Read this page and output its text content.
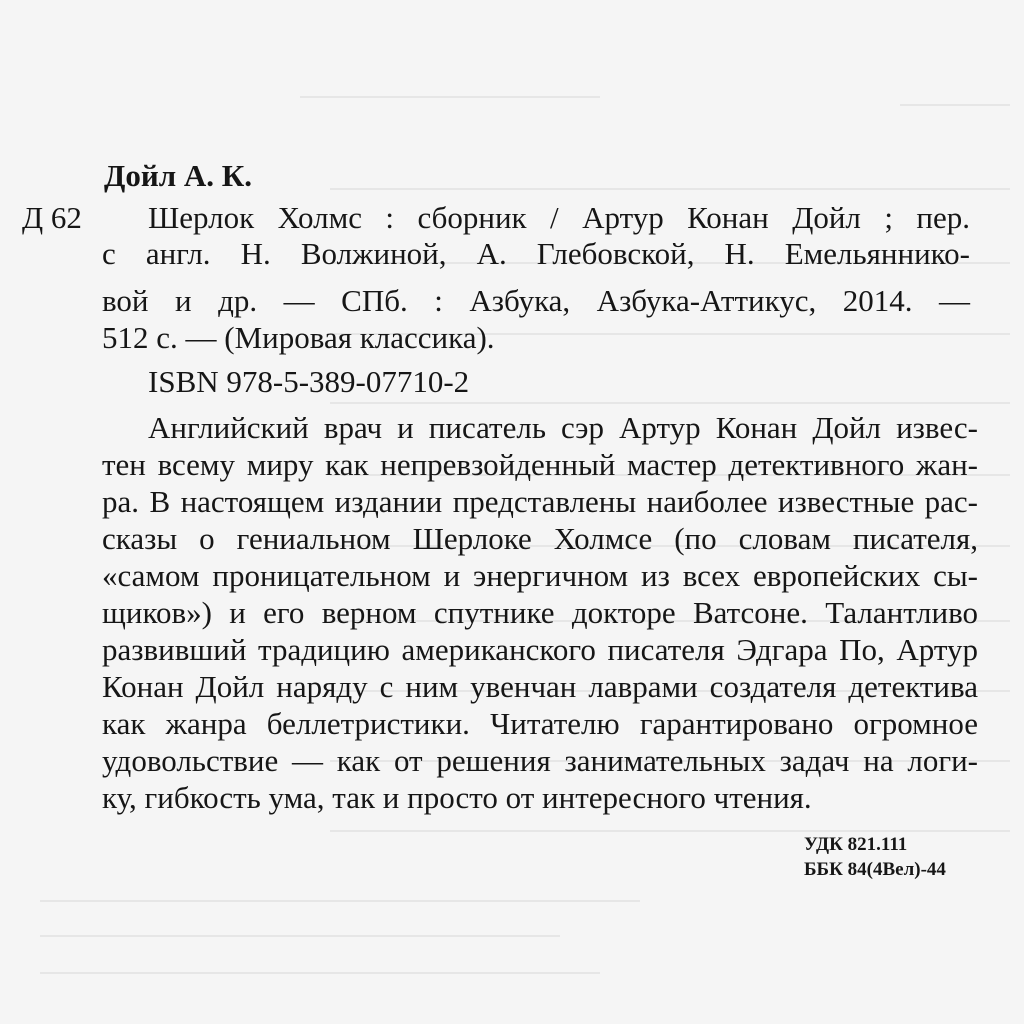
Дойл А. К.
Д 62 Шерлок Холмс : сборник / Артур Конан Дойл ; пер.
с англ. Н. Волжиной, А. Глебовской, Н. Емельяннико-
вой и др. — СПб. : Азбука, Азбука-Аттикус, 2014. —
512 с. — (Мировая классика).
ISBN 978-5-389-07710-2
Английский врач и писатель сэр Артур Конан Дойл извес-
тен всему миру как непревзойденный мастер детективного жан-
ра. В настоящем издании представлены наиболее известные рас-
сказы о гениальном Шерлоке Холмсе (по словам писателя,
«самом проницательном и энергичном из всех европейских сы-
щиков») и его верном спутнике докторе Ватсоне. Талантливо
развивший традицию американского писателя Эдгара По, Артур
Конан Дойл наряду с ним увенчан лаврами создателя детектива
как жанра беллетристики. Читателю гарантировано огромное
удовольствие — как от решения занимательных задач на логи-
ку, гибкость ума, так и просто от интересного чтения.
УДК 821.111
ББК 84(4Вел)-44
